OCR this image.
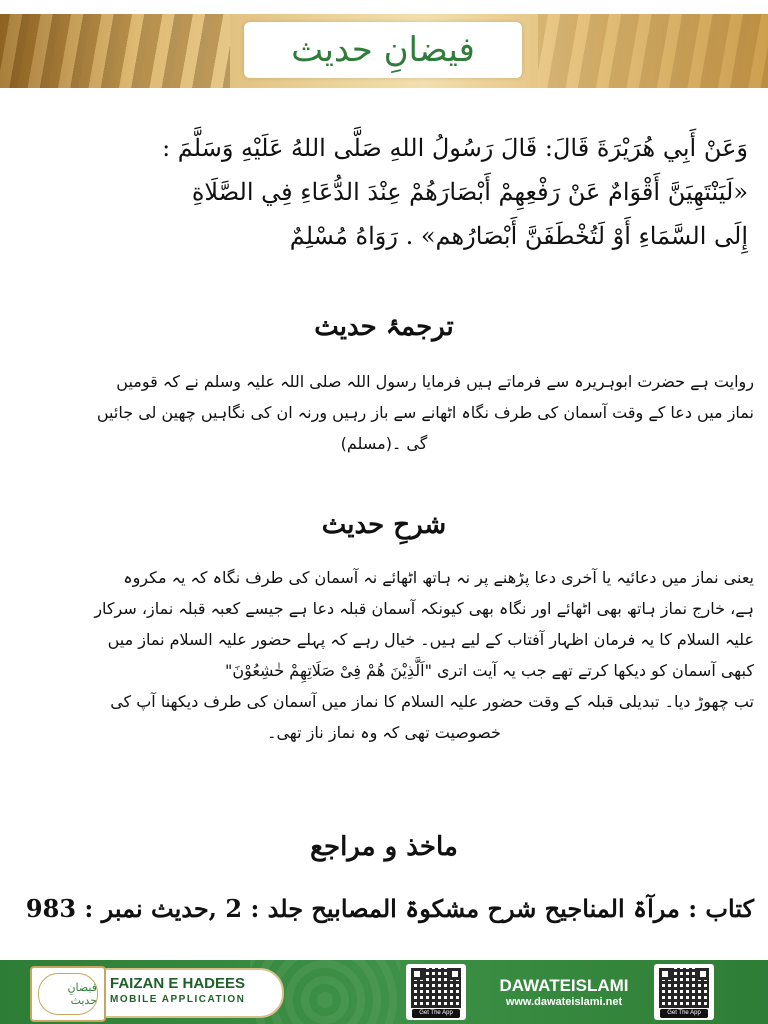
فیضانِ حدیث
وَعَنْ أَبِي هُرَيْرَةَ قَالَ: قَالَ رَسُولُ اللهِ صَلَّى اللهُ عَلَيْهِ وَسَلَّمَ :
«لَيَنْتَهِيَنَّ أَقْوَامٌ عَنْ رَفْعِهِمْ أَبْصَارَهُمْ عِنْدَ الدُّعَاءِ فِي الصَّلَاةِ
إِلَى السَّمَاءِ أَوْ لَتُخْطَفَنَّ أَبْصَارُهم» . رَوَاهُ مُسْلِمٌ
ترجمۂ حدیث
روایت ہے حضرت ابوہریرہ سے فرماتے ہیں فرمایا رسول اللہ صلی اللہ علیہ وسلم نے کہ قومیں
نماز میں دعا کے وقت آسمان کی طرف نگاہ اٹھانے سے باز رہیں ورنہ ان کی نگاہیں چھین لی جائیں
گی ۔(مسلم)
شرحِ حدیث
یعنی نماز میں دعائیہ یا آخری دعا پڑھنے پر نہ ہاتھ اٹھائے نہ آسمان کی طرف نگاہ کہ یہ مکروہ
ہے، خارج نماز ہاتھ بھی اٹھائے اور نگاہ بھی کیونکہ آسمان قبلہ دعا ہے جیسے کعبہ قبلہ نماز، سرکار
علیہ السلام کا یہ فرمان اظہار آفتاب کے لیے ہیں۔ خیال رہے کہ پہلے حضور علیہ السلام نماز میں
کبھی آسمان کو دیکھا کرتے تھے جب یہ آیت اتری "اَلَّذِیْنَ هُمْ فِیْ صَلَاتِهِمْ خٰشِعُوْنَ"
تب چھوڑ دیا۔ تبدیلی قبلہ کے وقت حضور علیہ السلام کا نماز میں آسمان کی طرف دیکھنا آپ کی
خصوصیت تھی کہ وہ نماز ناز تھی۔
ماخذ و مراجع
کتاب : مرآۃ المناجیح شرح مشکوۃ المصابیح جلد : 2 ,حدیث نمبر : 983
فیضانِ حدیث
FAIZAN E HADEES
MOBILE APPLICATION
Get The App
DAWATEISLAMI
www.dawateislami.net
Get The App
